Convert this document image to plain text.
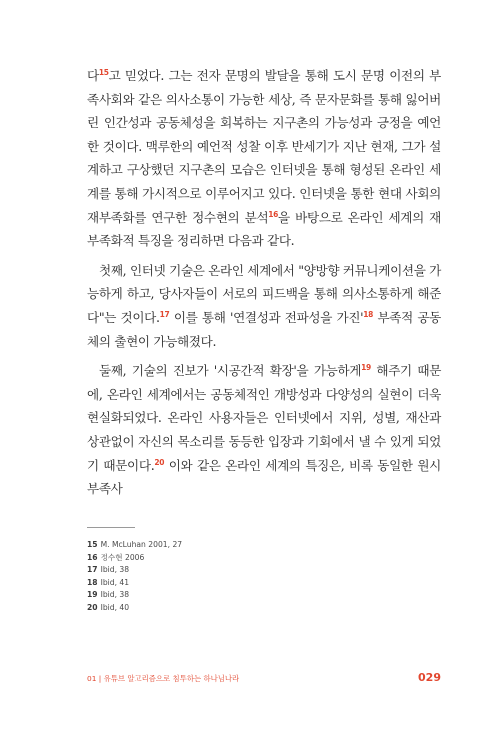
다$^{15}$고 믿었다. 그는 전자 문명의 발달을 통해 도시 문명 이전의 부족사회와 같은 의사소통이 가능한 세상, 즉 문자문화를 통해 잃어버린 인간성과 공동체성을 회복하는 지구촌의 가능성과 긍정을 예언한 것이다. 맥루한의 예언적 성찰 이후 반세기가 지난 현재, 그가 설계하고 구상했던 지구촌의 모습은 인터넷을 통해 형성된 온라인 세계를 통해 가시적으로 이루어지고 있다. 인터넷을 통한 현대 사회의 재부족화를 연구한 정수현의 분석$^{16}$을 바탕으로 온라인 세계의 재부족화적 특징을 정리하면 다음과 같다.

첫째, 인터넷 기술은 온라인 세계에서 "양방향 커뮤니케이션을 가능하게 하고, 당사자들이 서로의 피드백을 통해 의사소통하게 해준다"는 것이다.$^{17}$ 이를 통해 '연결성과 전파성을 가진'$^{18}$ 부족적 공동체의 출현이 가능해졌다.

둘째, 기술의 진보가 '시공간적 확장'을 가능하게$^{19}$ 해주기 때문에, 온라인 세계에서는 공동체적인 개방성과 다양성의 실현이 더욱 현실화되었다. 온라인 사용자들은 인터넷에서 지위, 성별, 재산과 상관없이 자신의 목소리를 동등한 입장과 기회에서 낼 수 있게 되었기 때문이다.$^{20}$ 이와 같은 온라인 세계의 특징은, 비록 동일한 원시 부족사

15 M. McLuhan 2001, 27
16 정수현 2006
17 Ibid, 38
18 Ibid, 41
19 Ibid, 38
20 Ibid, 40
01 | 유튜브 알고리즘으로 침투하는 하나님나라	029
